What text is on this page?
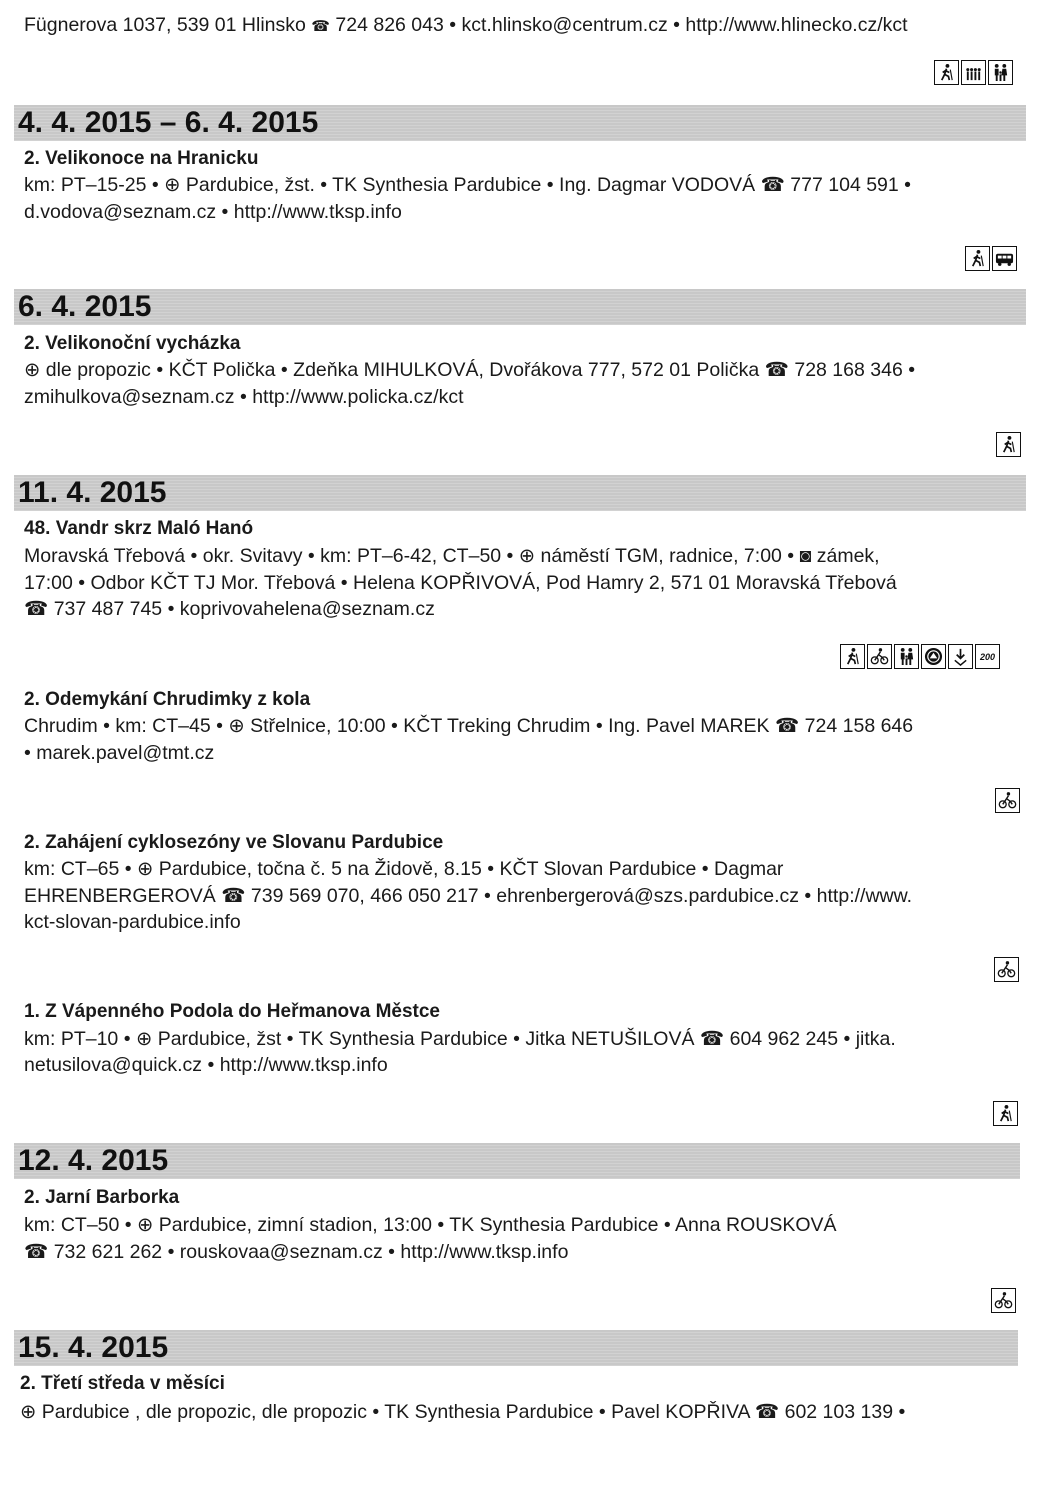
Fügnerova 1037, 539 01 Hlinsko ☎ 724 826 043 • kct.hlinsko@centrum.cz • http://www.hlinecko.cz/kct
4. 4. 2015 – 6. 4. 2015
2. Velikonoce na Hranicku
km: PT–15-25 • ⊕ Pardubice, žst. • TK Synthesia Pardubice • Ing. Dagmar VODOVÁ ☎ 777 104 591 •
d.vodova@seznam.cz • http://www.tksp.info
6. 4. 2015
2. Velikonoční vycházka
⊕ dle propozic • KČT Polička • Zdeňka MIHULKOVÁ, Dvořákova 777, 572 01 Polička ☎ 728 168 346 •
zmihulkova@seznam.cz • http://www.policka.cz/kct
11. 4. 2015
48. Vandr skrz Maló Hanó
Moravská Třebová • okr. Svitavy • km: PT–6-42, CT–50 • ⊕ náměstí TGM, radnice, 7:00 • ◙ zámek,
17:00 • Odbor KČT TJ Mor. Třebová • Helena KOPŘIVOVÁ, Pod Hamry 2, 571 01 Moravská Třebová
☎ 737 487 745 • koprivovahelena@seznam.cz
200
2. Odemykání Chrudimky z kola
Chrudim • km: CT–45 • ⊕ Střelnice, 10:00 • KČT Treking Chrudim • Ing. Pavel MAREK ☎ 724 158 646
• marek.pavel@tmt.cz
2. Zahájení cyklosezóny ve Slovanu Pardubice
km: CT–65 • ⊕ Pardubice, točna č. 5 na Židově, 8.15 • KČT Slovan Pardubice • Dagmar
EHRENBERGEROVÁ ☎ 739 569 070, 466 050 217 • ehrenbergerová@szs.pardubice.cz • http://www.
kct-slovan-pardubice.info
1. Z Vápenného Podola do Heřmanova Městce
km: PT–10 • ⊕ Pardubice, žst • TK Synthesia Pardubice • Jitka NETUŠILOVÁ ☎ 604 962 245 • jitka.
netusilova@quick.cz • http://www.tksp.info
12. 4. 2015
2. Jarní Barborka
km: CT–50 • ⊕ Pardubice, zimní stadion, 13:00 • TK Synthesia Pardubice • Anna ROUSKOVÁ
☎ 732 621 262 • rouskovaa@seznam.cz • http://www.tksp.info
15. 4. 2015
2. Třetí středa v měsíci
⊕ Pardubice , dle propozic, dle propozic • TK Synthesia Pardubice • Pavel KOPŘIVA ☎ 602 103 139 •
